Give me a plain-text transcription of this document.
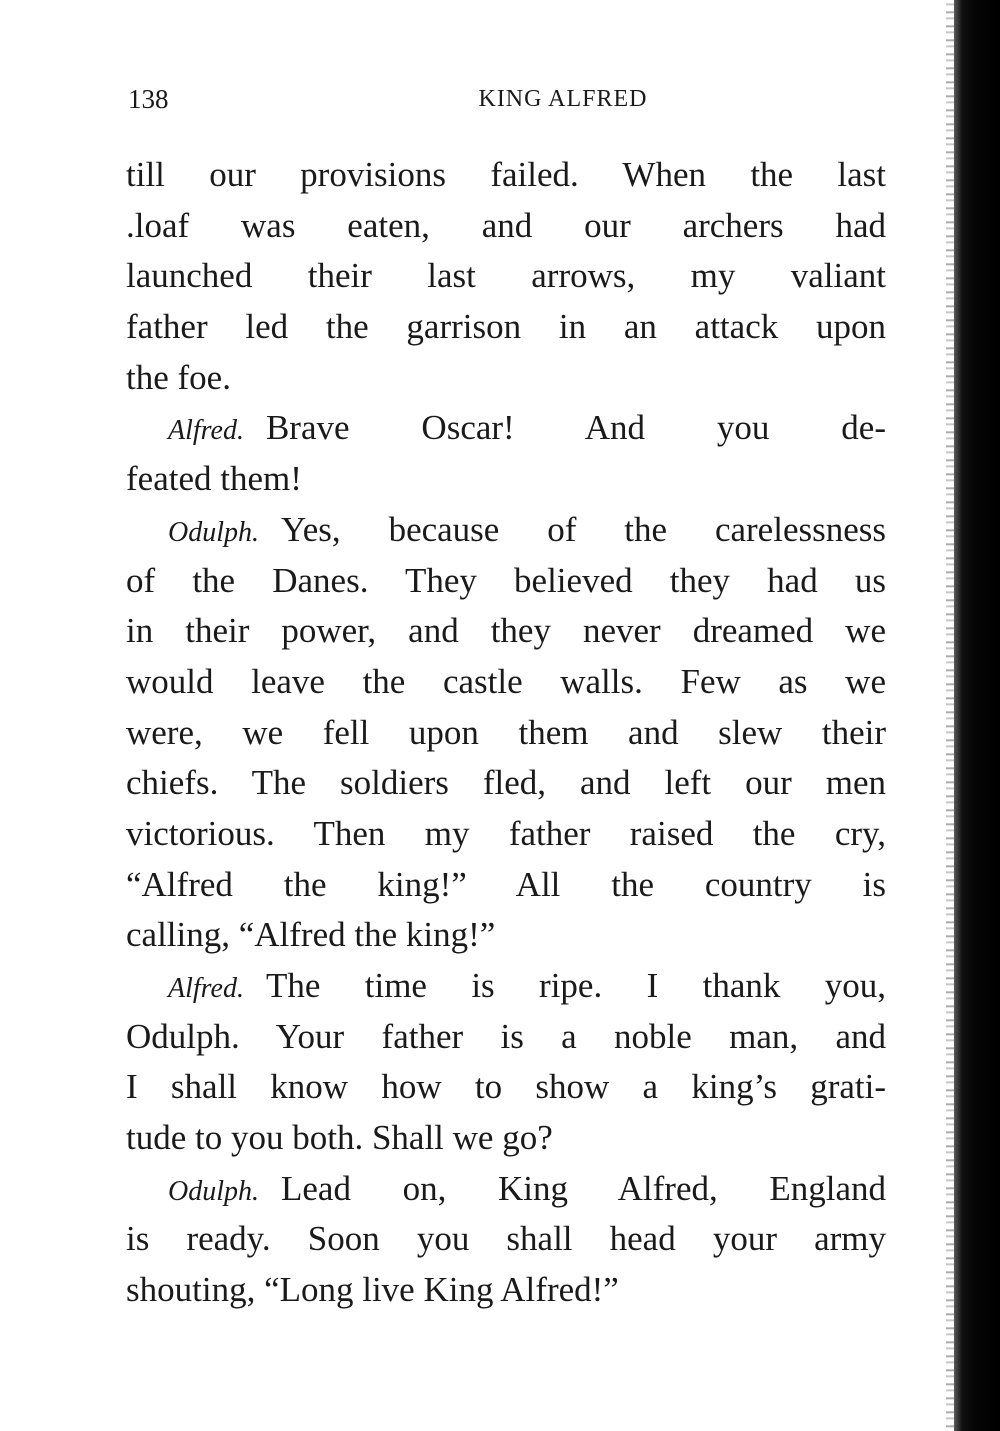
138	KING ALFRED
till our provisions failed. When the last
.loaf was eaten, and our archers had
launched their last arrows, my valiant
father led the garrison in an attack upon
the foe.
Alfred. Brave Oscar! And you de-
feated them!
Odulph. Yes, because of the carelessness
of the Danes. They believed they had us
in their power, and they never dreamed we
would leave the castle walls. Few as we
were, we fell upon them and slew their
chiefs. The soldiers fled, and left our men
victorious. Then my father raised the cry,
“Alfred the king!” All the country is
calling, “Alfred the king!”
Alfred. The time is ripe. I thank you,
Odulph. Your father is a noble man, and
I shall know how to show a king’s grati-
tude to you both. Shall we go?
Odulph. Lead on, King Alfred, England
is ready. Soon you shall head your army
shouting, “Long live King Alfred!”
